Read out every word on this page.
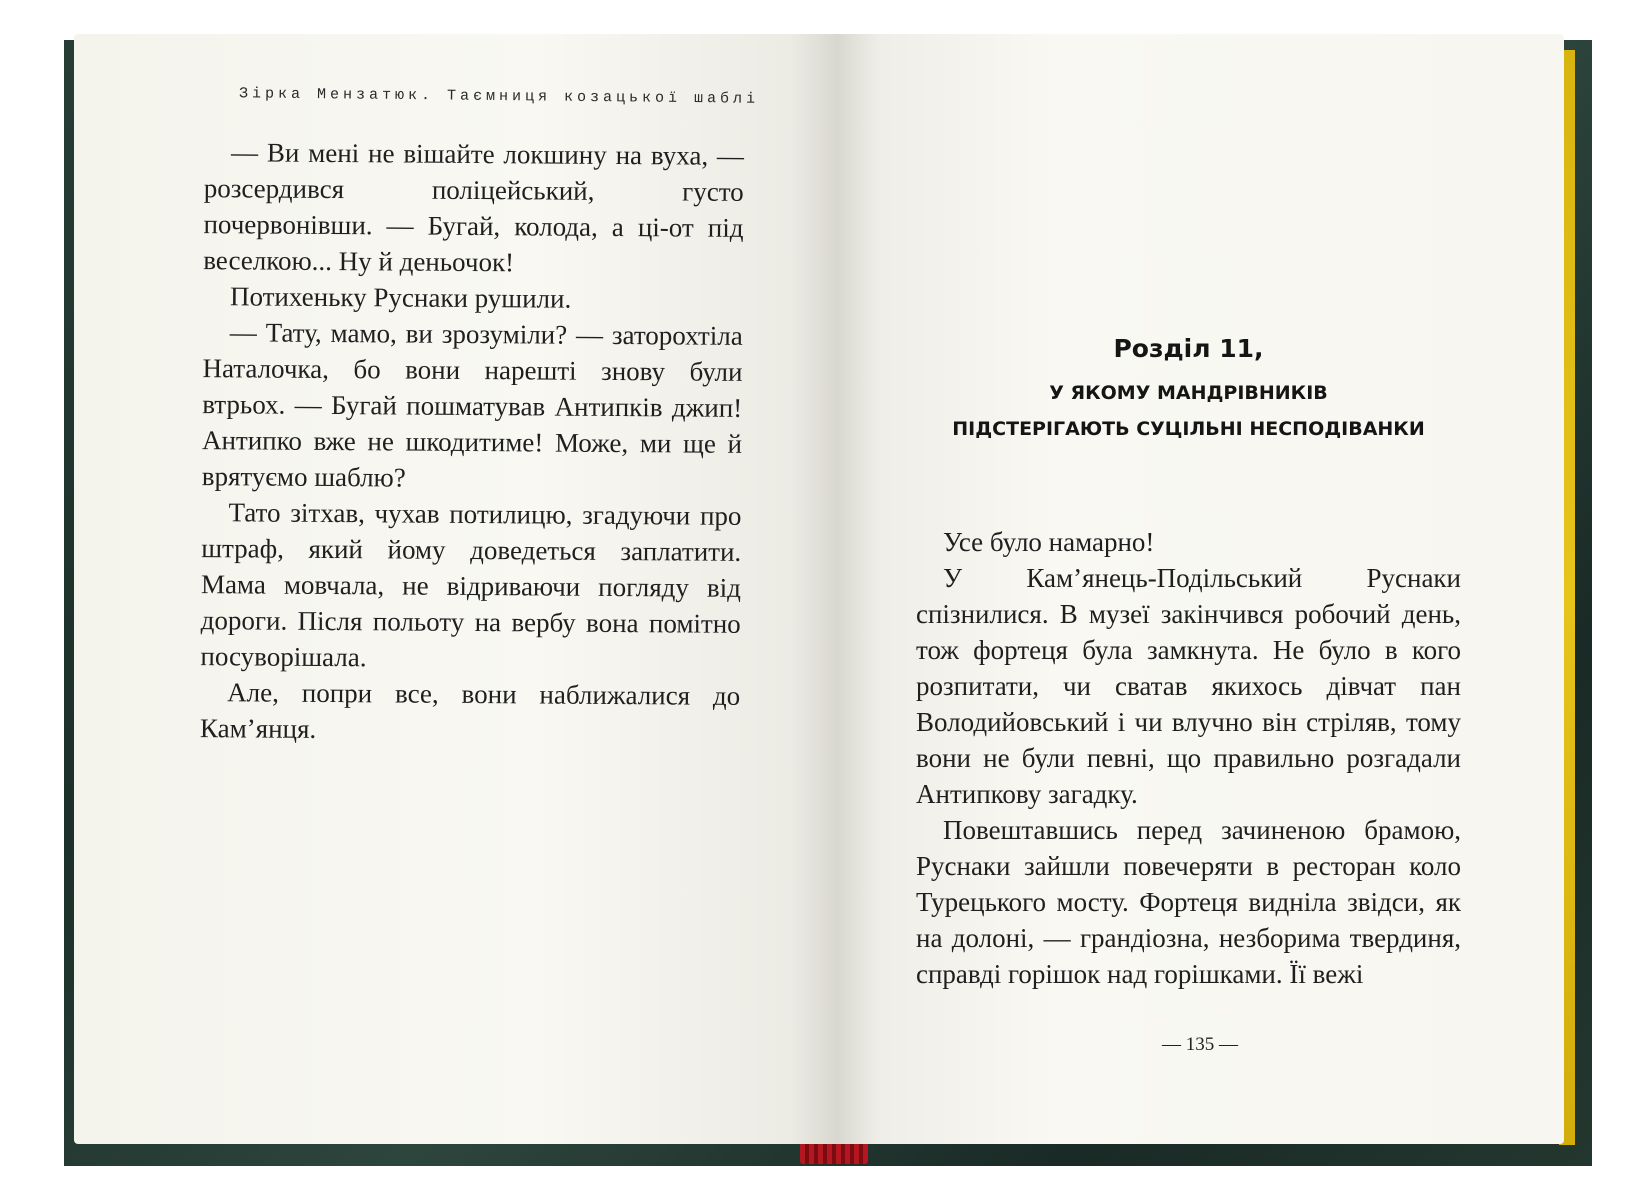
Зірка Мензатюк. Таємниця козацької шаблі

— Ви мені не вішайте локшину на вуха, — розсердився поліцейський, густо почервонівши. — Бугай, колода, а ці-от під веселкою... Ну й деньочок!

Потихеньку Руснаки рушили.

— Тату, мамо, ви зрозуміли? — заторохтіла Наталочка, бо вони нарешті знову були втрьох. — Бугай пошматував Антипків джип! Антипко вже не шкодитиме! Може, ми ще й врятуємо шаблю?

Тато зітхав, чухав потилицю, згадуючи про штраф, який йому доведеться заплатити. Мама мовчала, не відриваючи погляду від дороги. Після польоту на вербу вона помітно посуворішала.

Але, попри все, вони наближалися до Кам’янця.

Розділ 11,
У ЯКОМУ МАНДРІВНИКІВ
ПІДСТЕРІГАЮТЬ СУЦІЛЬНІ НЕСПОДІВАНКИ

Усе було намарно!

У Кам’янець-Подільський Руснаки спізнилися. В музеї закінчився робочий день, тож фортеця була замкнута. Не було в кого розпитати, чи сватав якихось дівчат пан Володийовський і чи влучно він стріляв, тому вони не були певні, що правильно розгадали Антипкову загадку.

Повештавшись перед зачиненою брамою, Руснаки зайшли повечеряти в ресторан коло Турецького мосту. Фортеця видніла звідси, як на долоні, — грандіозна, незборима твердиня, справді горішок над горішками. Її вежі

— 135 —
